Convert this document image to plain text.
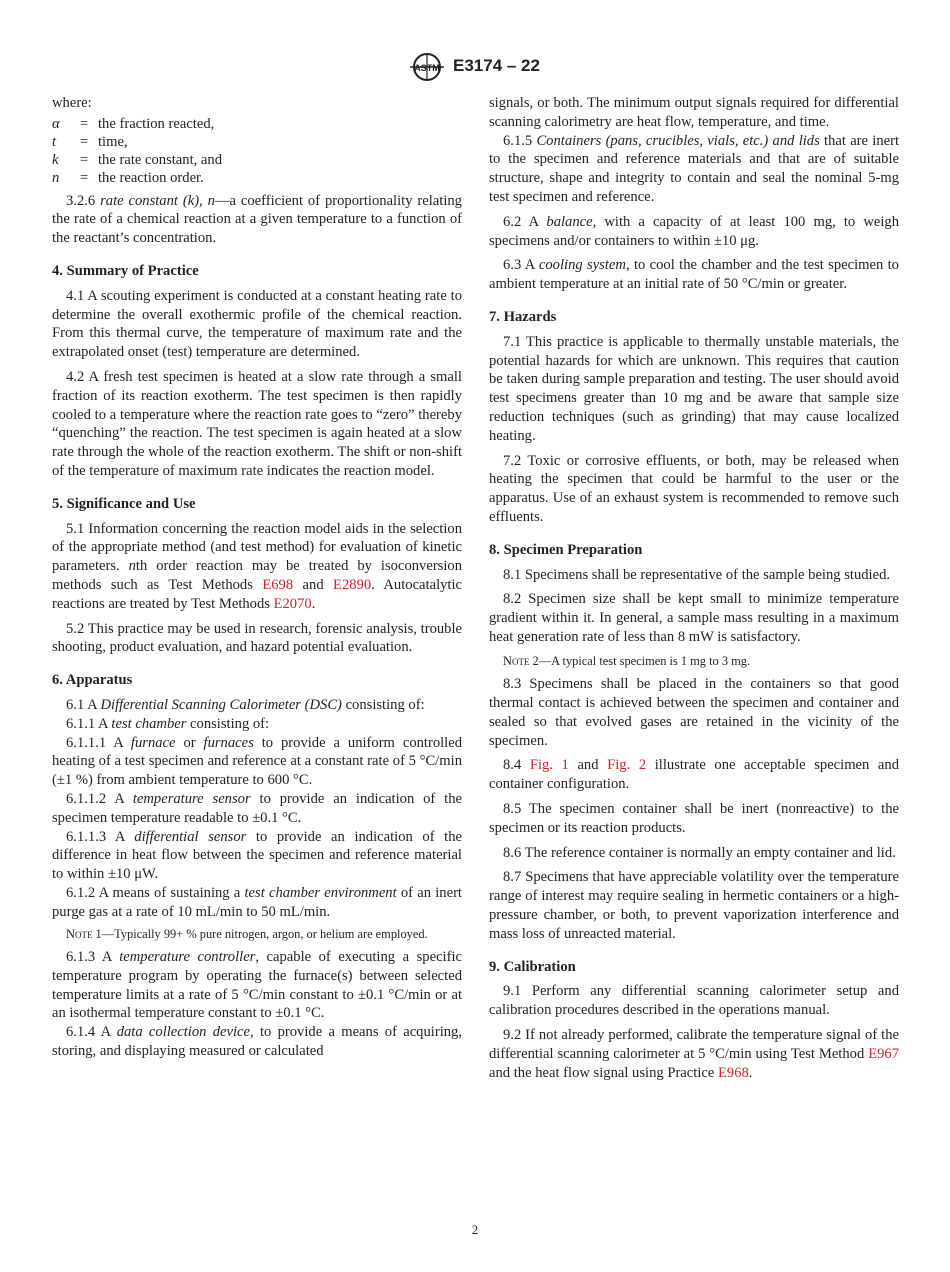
ASTM E3174 – 22

where:

α	= the fraction reacted,
t	= time,
k	= the rate constant, and
n	= the reaction order.

3.2.6 rate constant (k), n—a coefficient of proportionality relating the rate of a chemical reaction at a given temperature to a function of the reactant’s concentration.

4. Summary of Practice

4.1 A scouting experiment is conducted at a constant heating rate to determine the overall exothermic profile of the chemical reaction. From this thermal curve, the temperature of maximum rate and the extrapolated onset (test) temperature are determined.

4.2 A fresh test specimen is heated at a slow rate through a small fraction of its reaction exotherm. The test specimen is then rapidly cooled to a temperature where the reaction rate goes to “zero” thereby “quenching” the reaction. The test specimen is again heated at a slow rate through the whole of the reaction exotherm. The shift or non-shift of the temperature of maximum rate indicates the reaction model.

5. Significance and Use

5.1 Information concerning the reaction model aids in the selection of the appropriate method (and test method) for evaluation of kinetic parameters. nth order reaction may be treated by isoconversion methods such as Test Methods E698 and E2890. Autocatalytic reactions are treated by Test Methods E2070.

5.2 This practice may be used in research, forensic analysis, trouble shooting, product evaluation, and hazard potential evaluation.

6. Apparatus

6.1 A Differential Scanning Calorimeter (DSC) consisting of:

6.1.1 A test chamber consisting of:

6.1.1.1 A furnace or furnaces to provide a uniform controlled heating of a test specimen and reference at a constant rate of 5 °C/min (±1 %) from ambient temperature to 600 °C.

6.1.1.2 A temperature sensor to provide an indication of the specimen temperature readable to ±0.1 °C.

6.1.1.3 A differential sensor to provide an indication of the difference in heat flow between the specimen and reference material to within ±10 μW.

6.1.2 A means of sustaining a test chamber environment of an inert purge gas at a rate of 10 mL/min to 50 mL/min.

Note 1—Typically 99+ % pure nitrogen, argon, or helium are employed.

6.1.3 A temperature controller, capable of executing a specific temperature program by operating the furnace(s) between selected temperature limits at a rate of 5 °C/min constant to ±0.1 °C/min or at an isothermal temperature constant to ±0.1 °C.

6.1.4 A data collection device, to provide a means of acquiring, storing, and displaying measured or calculated

signals, or both. The minimum output signals required for differential scanning calorimetry are heat flow, temperature, and time.

6.1.5 Containers (pans, crucibles, vials, etc.) and lids that are inert to the specimen and reference materials and that are of suitable structure, shape and integrity to contain and seal the nominal 5-mg test specimen and reference.

6.2 A balance, with a capacity of at least 100 mg, to weigh specimens and/or containers to within ±10 μg.

6.3 A cooling system, to cool the chamber and the test specimen to ambient temperature at an initial rate of 50 °C/min or greater.

7. Hazards

7.1 This practice is applicable to thermally unstable materials, the potential hazards for which are unknown. This requires that caution be taken during sample preparation and testing. The user should avoid test specimens greater than 10 mg and be aware that sample size reduction techniques (such as grinding) that may cause localized heating.

7.2 Toxic or corrosive effluents, or both, may be released when heating the specimen that could be harmful to the user or the apparatus. Use of an exhaust system is recommended to remove such effluents.

8. Specimen Preparation

8.1 Specimens shall be representative of the sample being studied.

8.2 Specimen size shall be kept small to minimize temperature gradient within it. In general, a sample mass resulting in a maximum heat generation rate of less than 8 mW is satisfactory.

Note 2—A typical test specimen is 1 mg to 3 mg.

8.3 Specimens shall be placed in the containers so that good thermal contact is achieved between the specimen and container and sealed so that evolved gases are retained in the vicinity of the specimen.

8.4 Fig. 1 and Fig. 2 illustrate one acceptable specimen and container configuration.

8.5 The specimen container shall be inert (nonreactive) to the specimen or its reaction products.

8.6 The reference container is normally an empty container and lid.

8.7 Specimens that have appreciable volatility over the temperature range of interest may require sealing in hermetic containers or a high-pressure chamber, or both, to prevent vaporization interference and mass loss of unreacted material.

9. Calibration

9.1 Perform any differential scanning calorimeter setup and calibration procedures described in the operations manual.

9.2 If not already performed, calibrate the temperature signal of the differential scanning calorimeter at 5 °C/min using Test Method E967 and the heat flow signal using Practice E968.

2
